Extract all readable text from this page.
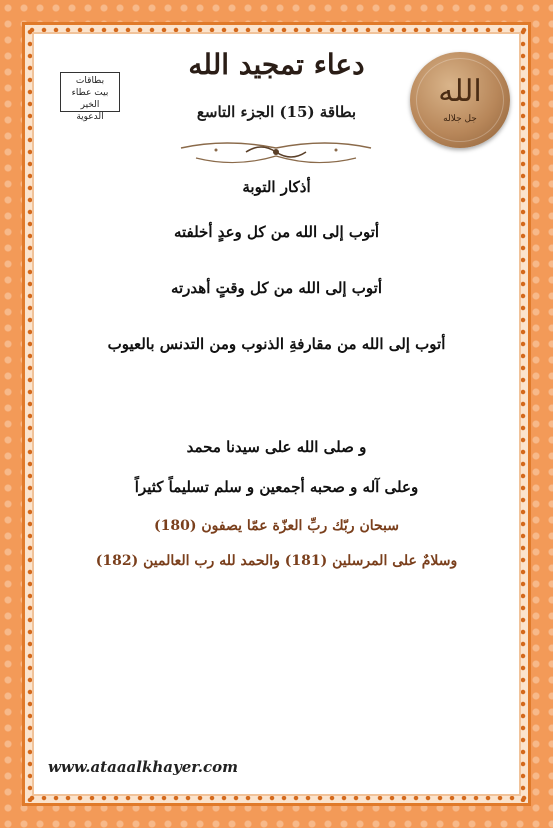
بطاقات
بيت عطاء الخير
الدعوية
الله
جل جلاله
دعاء تمجيد الله
بطاقة (15) الجزء التاسع
أذكار التوبة
أتوب إلى الله من كل وعدٍ أخلفته
أتوب إلى الله من كل وقتٍ أهدرته
أتوب إلى الله من مقارفةِ الذنوب ومن التدنس بالعيوب
و صلى الله على سيدنا محمد
وعلى آله و صحبه أجمعين و سلم تسليماً كثيراً
سبحان ربّك ربِّ العزّة عمّا يصفون (180)
وسلامٌ على المرسلين (181) والحمد لله رب العالمين (182)
www.ataaalkhayer.com
